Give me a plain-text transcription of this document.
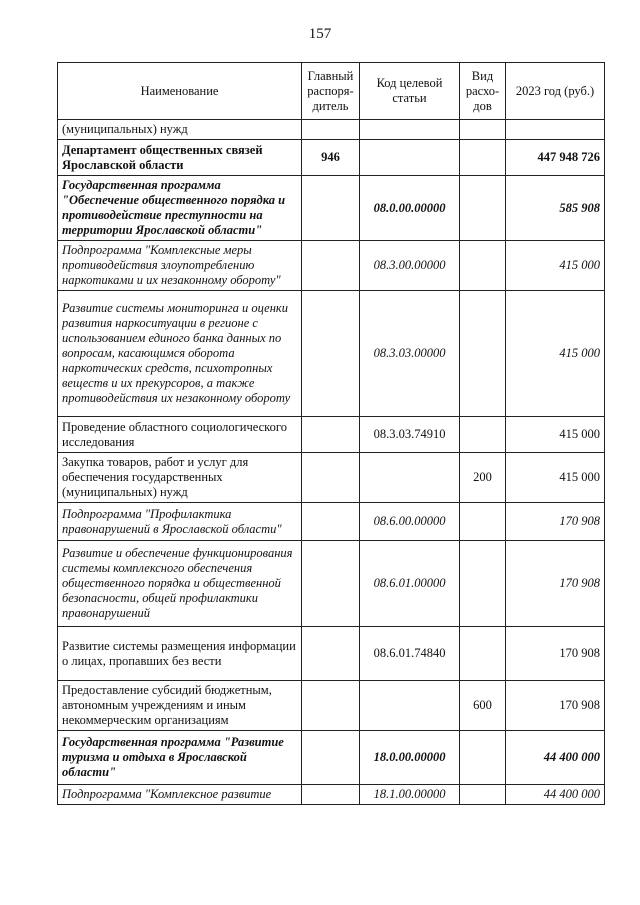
157
Наименование	Главный распоря-дитель	Код целевой статьи	Вид расхо-дов	2023 год (руб.)
(муниципальных) нужд				
Департамент общественных связей Ярославской области	946			447 948 726
Государственная программа "Обеспечение общественного порядка и противодействие преступности на территории Ярославской области"		08.0.00.00000		585 908
Подпрограмма "Комплексные меры противодействия злоупотреблению наркотиками и их незаконному обороту"		08.3.00.00000		415 000
Развитие системы мониторинга и оценки развития наркоситуации в регионе с использованием единого банка данных по вопросам, касающимся оборота наркотических средств, психотропных веществ и их прекурсоров, а также противодействия их незаконному обороту		08.3.03.00000		415 000
Проведение областного социологического исследования		08.3.03.74910		415 000
Закупка товаров, работ и услуг для обеспечения государственных (муниципальных) нужд			200	415 000
Подпрограмма "Профилактика правонарушений в Ярославской области"		08.6.00.00000		170 908
Развитие и обеспечение функционирования системы комплексного обеспечения общественного порядка и общественной безопасности, общей профилактики правонарушений		08.6.01.00000		170 908
Развитие системы размещения информации о лицах, пропавших без вести		08.6.01.74840		170 908
Предоставление субсидий бюджетным, автономным учреждениям и иным некоммерческим организациям			600	170 908
Государственная программа "Развитие туризма и отдыха в Ярославской области"		18.0.00.00000		44 400 000
Подпрограмма "Комплексное развитие		18.1.00.00000		44 400 000
